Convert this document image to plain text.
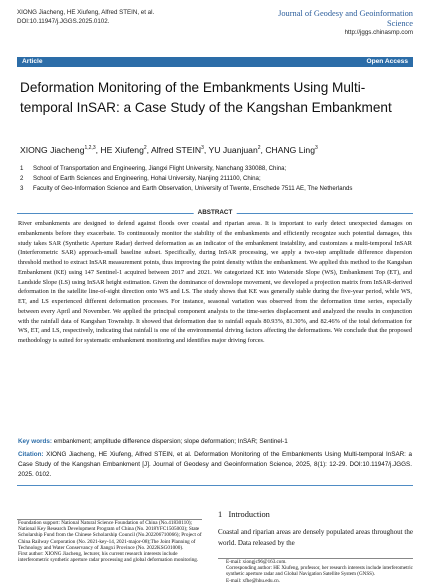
XIONG Jiacheng, HE Xiufeng, Alfred STEIN, et al.
DOI:10.11947/j.JGGS.2025.0102.
Journal of Geodesy and Geoinformation Science
http://jggs.chinasmp.com
Article	Open Access
Deformation Monitoring of the Embankments Using Multi-temporal InSAR: a Case Study of the Kangshan Embankment
XIONG Jiacheng$^{1,2,3}$, HE Xiufeng$^2$, Alfred STEIN$^3$, YU Juanjuan$^2$, CHANG Ling$^3$
1 School of Transportation and Engineering, Jiangxi Flight University, Nanchang 330088, China;
2 School of Earth Sciences and Engineering, Hohai University, Nanjing 211100, China;
3 Faculty of Geo-Information Science and Earth Observation, University of Twente, Enschede 7511 AE, The Netherlands
ABSTRACT
River embankments are designed to defend against floods over coastal and riparian areas. It is important to early detect unexpected damages on embankments before they exacerbate. To continuously monitor the stability of the embankments and efficiently recognize such potential damages, this study takes SAR (Synthetic Aperture Radar) derived deformation as an indicator of the embankment instability, and customizes a multi-temporal InSAR (Interferometric SAR) approach-small baseline subset. Specifically, during InSAR processing, we apply a two-step amplitude difference dispersion threshold method to extract InSAR measurement points, thus improving the point density within the embankment. We applied this method to the Kangshan Embankment (KE) using 147 Sentinel-1 acquired between 2017 and 2021. We categorized KE into Waterside Slope (WS), Embankment Top (ET), and Landside Slope (LS) using InSAR height estimation. Given the dominance of downslope movement, we developed a projection matrix from InSAR-derived deformation in the satellite line-of-sight direction onto WS and LS. The study shows that KE was generally stable during the five-year period, while WS, ET, and LS experienced different deformation processes. For instance, seasonal variation was observed from the deformation time series, especially between every April and November. We applied the principal component analysis to the time-series displacement and analyzed the results in conjunction with the rainfall data of Kangshan Township. It showed that deformation due to rainfall equals 80.93%, 81.30%, and 82.46% of the total deformation for WS, ET, and LS, respectively, indicating that rainfall is one of the environmental driving factors affecting the deformations. We conclude that the proposed methodology is suited for systematic embankment monitoring and identifies major driving forces.
Key words: embankment; amplitude difference dispersion; slope deformation; InSAR; Sentinel-1
Citation: XIONG Jiacheng, HE Xiufeng, Alfred STEIN, et al. Deformation Monitoring of the Embankments Using Multi-temporal InSAR: a Case Study of the Kangshan Embankment [J]. Journal of Geodesy and Geoinformation Science, 2025, 8(1): 12-29. DOI:10.11947/j.JGGS. 2025. 0102.
Foundation support: National Natural Science Foundation of China (No.41830110); National Key Research Development Program of China (No. 2018YFC1505003); State Scholarship Fund from the Chinese Scholarship Council (No.202206710066); Project of China Railway Corporation (No. 2021-key-14, 2021-major-08);The Joint Planning of Technology and Water Conservancy of Jiangxi Province (No. 2022KSG01000).
First author: XIONG Jiacheng, lecturer, his current research interests include interferometric synthetic aperture radar processing and global deformation monitoring.
1 Introduction
Coastal and riparian areas are densely populated areas throughout the world. Data released by the
E-mail: xiongjc96@163.com.
Corresponding author: HE Xiufeng, professor, her research interests include interferometric synthetic aperture radar and Global Navigation Satellite System (GNSS).
E-mail: xfhe@hhu.edu.cn.
